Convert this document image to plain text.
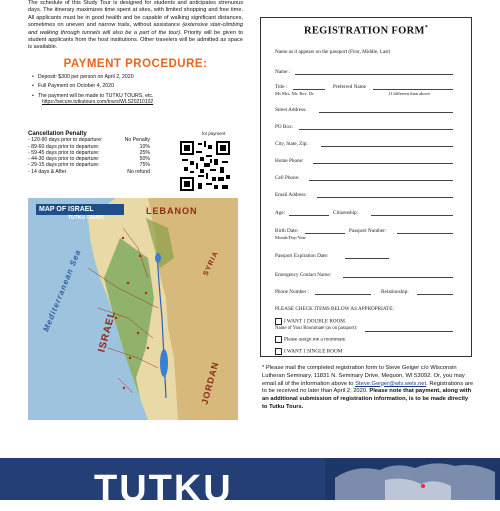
The schedule of this Study Tour is designed for students and anticipates strenuous days. The itinerary maximizes time spent at sites, with limited shopping and free time. All applicants must be in good health and be capable of walking significant distances, sometimes on uneven and narrow trails, without assistance (extensive stair-climbing and walking through tunnels will also be a part of the tour). Priority will be given to student applicants from the host institutions. Other travelers will be admitted as space is available.

PAYMENT PROCEDURE:
• Deposit: $300 per person on April 2, 2020
• Full Payment on October 4, 2020
• The payment will be made to TUTKU TOURS, etc.
https://secure.tutkutours.com/tours/WLS20210102
Cancellation Penalty
- 120-90 days prior to departure:	No Penalty
- 89-60 days prior to departure:	10%
- 59-45 days prior to departure:	25%
- 44-30 days prior to departure:	50%
- 29-15 days prior to departure:	75%
- 14 days & After	No refund
for payment
MAP OF ISRAEL
TUTKU TOURS
LEBANON
SYRIA
Mediterranean Sea ISRAEL
JORDAN
REGISTRATION FORM*
Name as it appears on the passport (First, Middle, Last)
Name :
Title :	Preferred Name
Ms Mrs. Mr. Rev. Dr.	If different than above
Street Address:
PO Box:
City, State, Zip:
Home Phone:
Cell Phone:
Email Address:
Age:	Citizenship:
Birth Date:	Passport Number:
Month/Day/Year
Passport Expiration Date:
Emergency Contact Name:
Phone Number :	Relationship:
PLEASE CHECK ITEMS BELOW AS APPROPRIATE:
I WANT 1 DOUBLE ROOM.
Name of Your Roommate (as on passport):
Please assign me a roommate.
I WANT 1 SINGLE ROOM
* Please mail the completed registration form to Steve Geiger c/o Wisconsin Lutheran Seminary, 11831 N. Seminary Drive, Mequon, WI 53092. Or, you may email all of the information above to Steve.Geiger@wls.wels.net. Registrations are to be received no later than April 2, 2020. Please note that payment, along with an additional submission of registration information, is to be made directly to Tutku Tours.
TUTKU
